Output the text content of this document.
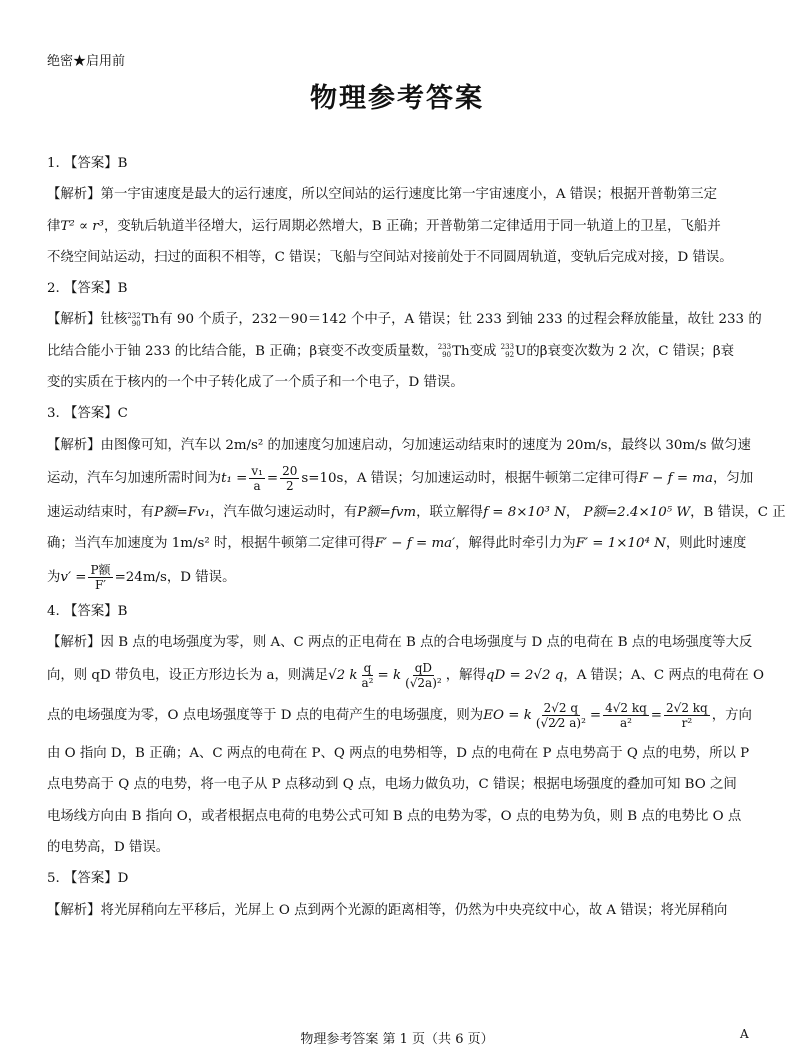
绝密★启用前
物理参考答案
1. 【答案】B
【解析】第一宇宙速度是最大的运行速度，所以空间站的运行速度比第一宇宙速度小，A 错误；根据开普勒第三定
律T² ∝ r³，变轨后轨道半径增大，运行周期必然增大，B 正确；开普勒第二定律适用于同一轨道上的卫星，飞船并
不绕空间站运动，扫过的面积不相等，C 错误；飞船与空间站对接前处于不同圆周轨道，变轨后完成对接，D 错误。
2. 【答案】B
【解析】钍核 232
90 Th有 90 个质子，232－90＝142 个中子，A 错误；钍 233 到铀 233 的过程会释放能量，故钍 233 的
比结合能小于铀 233 的比结合能，B 正确；β衰变不改变质量数， 233
90 Th变成 233
92 U的β衰变次数为 2 次，C 错误；β衰
变的实质在于核内的一个中子转化成了一个质子和一个电子，D 错误。
3. 【答案】C
【解析】由图像可知，汽车以 2m/s² 的加速度匀加速启动，匀加速运动结束时的速度为 20m/s，最终以 30m/s 做匀速
运动，汽车匀加速所需时间为$t_1 = \frac{\text{v₁}}{a} = \frac{20}{2} s=10s$，A 错误；匀加速运动时，根据牛顿第二定律可得F − f = ma，匀加
速运动结束时，有P额=Fv₁，汽车做匀速运动时，有P额=fvm，联立解得f = 8×10³ N， P额=2.4×10⁵ W，B 错误，C 正
确；当汽车加速度为 1m/s² 时，根据牛顿第二定律可得F′ − f = ma′，解得此时牵引力为F′ = 1×10⁴ N，则此时速度
为$v' = \frac{\text{P额}}{F'} =24m/s$，D 错误。
4. 【答案】B
【解析】因 B 点的电场强度为零，则 A、C 两点的正电荷在 B 点的合电场强度与 D 点的电荷在 B 点的电场强度等大反
向，则 qD 带负电，设正方形边长为 a，则满足√2 k $\frac{q}{\text{a²}} = k \frac{qD}{\text{(√2a)²}}$ ，解得qD = 2√2 q，A 错误；A、C 两点的电荷在 O
点的电场强度为零，O 点电场强度等于 D 点的电荷产生的电场强度，则为EO = k $\frac{2√2 q}{\text{(√2⁄2 a)²}} = \frac{4√2 kq}{\text{a²}} = \frac{2√2 kq}{\text{r²}}$ ，方向
由 O 指向 D，B 正确；A、C 两点的电荷在 P、Q 两点的电势相等，D 点的电荷在 P 点电势高于 Q 点的电势，所以 P
点电势高于 Q 点的电势，将一电子从 P 点移动到 Q 点，电场力做负功，C 错误；根据电场强度的叠加可知 BO 之间
电场线方向由 B 指向 O，或者根据点电荷的电势公式可知 B 点的电势为零，O 点的电势为负，则 B 点的电势比 O 点
的电势高，D 错误。
5. 【答案】D
【解析】将光屏稍向左平移后，光屏上 O 点到两个光源的距离相等，仍然为中央亮纹中心，故 A 错误；将光屏稍向
物理参考答案 第 1 页（共 6 页）	A
